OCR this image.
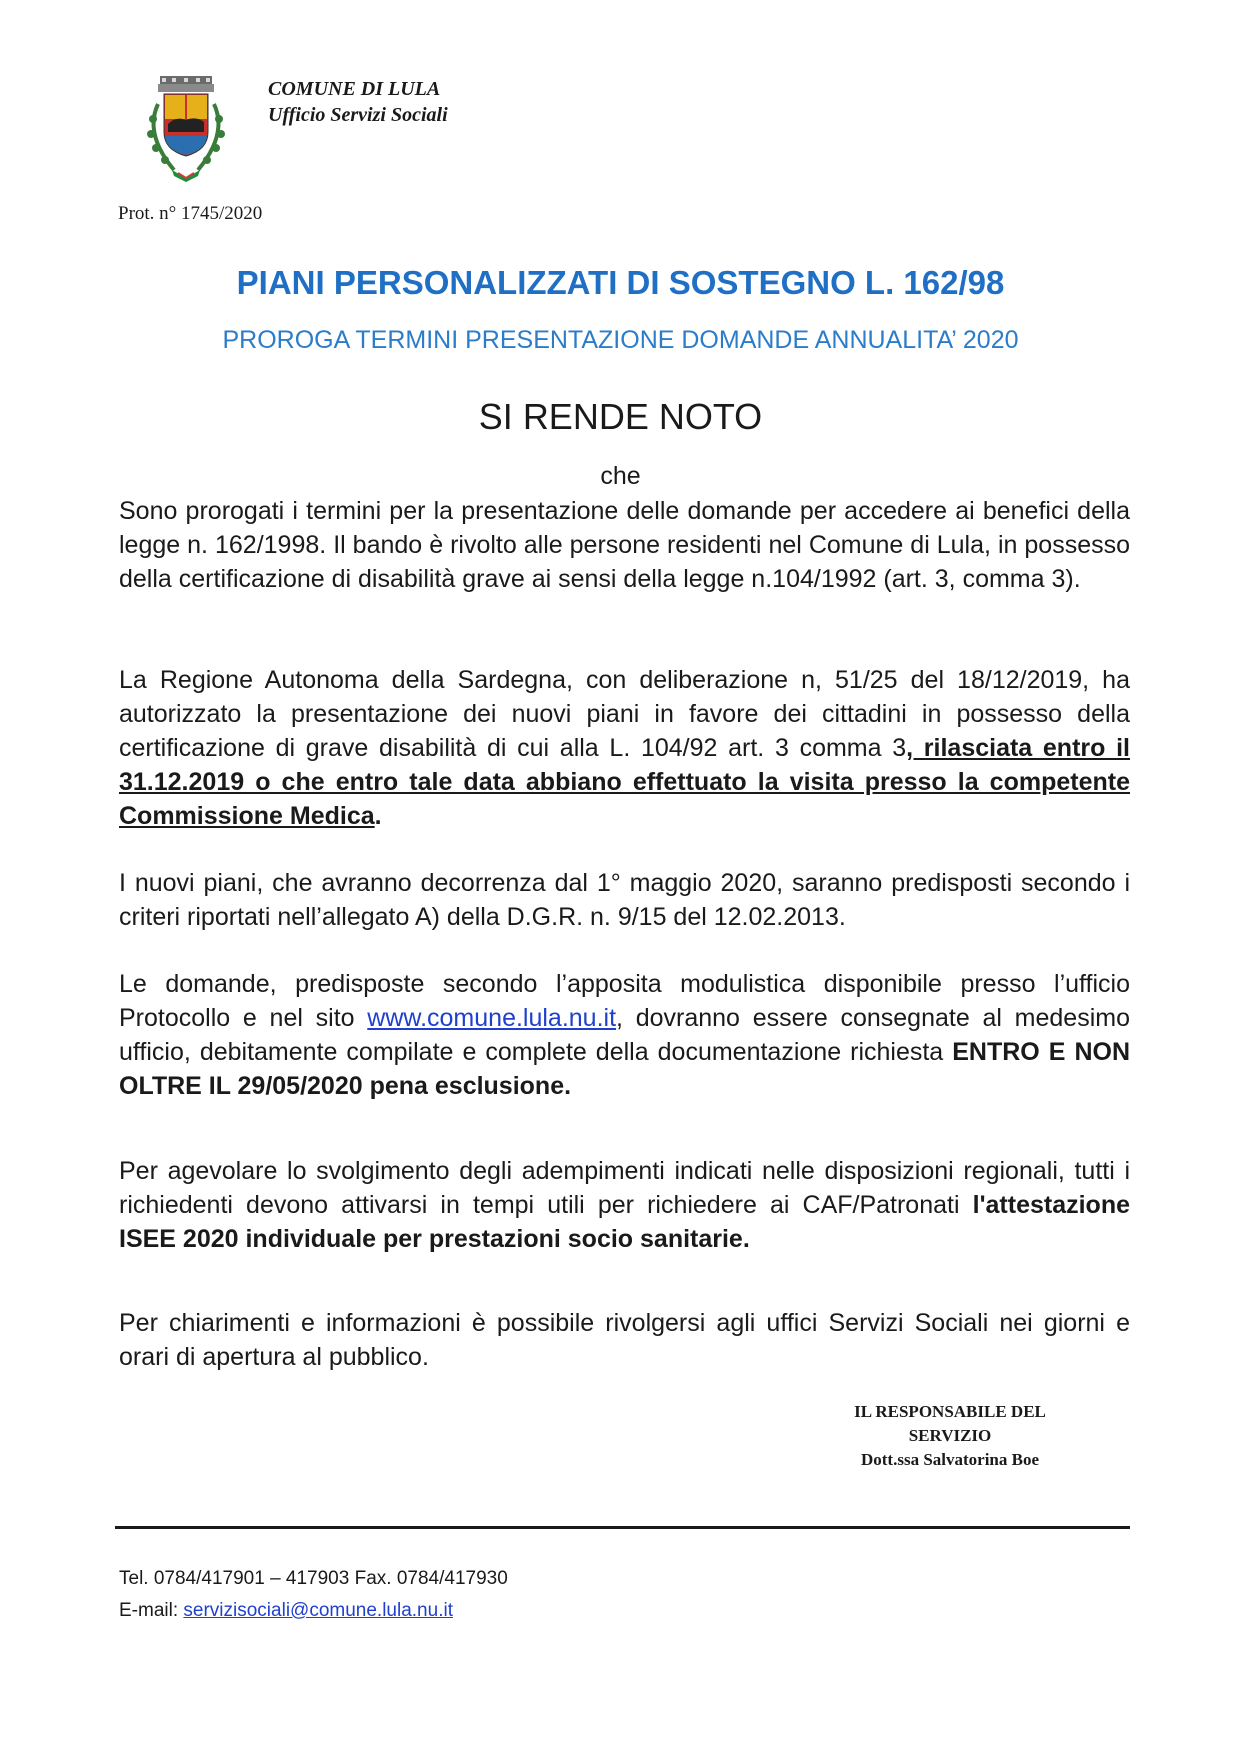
COMUNE DI LULA
Ufficio Servizi Sociali
Prot. n° 1745/2020
PIANI PERSONALIZZATI DI SOSTEGNO L. 162/98
PROROGA TERMINI PRESENTAZIONE DOMANDE ANNUALITA’ 2020
SI RENDE NOTO
che

Sono prorogati i termini per la presentazione delle domande per accedere ai benefici della legge n. 162/1998. Il bando è rivolto alle persone residenti nel Comune di Lula, in possesso della certificazione di disabilità grave ai sensi della legge n.104/1992 (art. 3, comma 3).

La Regione Autonoma della Sardegna, con deliberazione n, 51/25 del 18/12/2019, ha autorizzato la presentazione dei nuovi piani in favore dei cittadini in possesso della certificazione di grave disabilità di cui alla L. 104/92 art. 3 comma 3, rilasciata entro il 31.12.2019 o che entro tale data abbiano effettuato la visita presso la competente Commissione Medica.

I nuovi piani, che avranno decorrenza dal 1° maggio 2020, saranno predisposti secondo i criteri riportati nell’allegato A) della D.G.R. n. 9/15 del 12.02.2013.

Le domande, predisposte secondo l’apposita modulistica disponibile presso l’ufficio Protocollo e nel sito www.comune.lula.nu.it, dovranno essere consegnate al medesimo ufficio, debitamente compilate e complete della documentazione richiesta ENTRO E NON OLTRE IL 29/05/2020 pena esclusione.

Per agevolare lo svolgimento degli adempimenti indicati nelle disposizioni regionali, tutti i richiedenti devono attivarsi in tempi utili per richiedere ai CAF/Patronati l'attestazione ISEE 2020 individuale per prestazioni socio sanitarie.

Per chiarimenti e informazioni è possibile rivolgersi agli uffici Servizi Sociali nei giorni e orari di apertura al pubblico.

IL RESPONSABILE DEL
SERVIZIO
Dott.ssa Salvatorina Boe
Tel. 0784/417901 – 417903 Fax. 0784/417930
E-mail: servizisociali@comune.lula.nu.it
